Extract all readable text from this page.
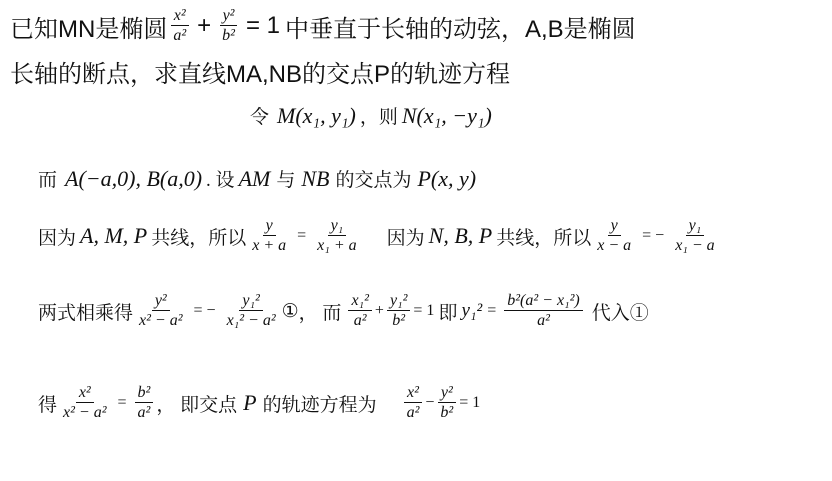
已知MN是椭圆 $\frac{\text{x²}}{\text{a²}} + \frac{\text{y²}}{\text{b²}} = 1$ 中垂直于长轴的动弦，A,B是椭圆
长轴的断点，求直线MA,NB的交点P的轨迹方程
令 M(x₁, y₁) ，则 N(x₁, −y₁)
而 A(−a,0), B(a,0) . 设 AM 与 NB 的交点为 P(x, y)
因为 A, M, P 共线，所以 $\frac{y}{x + a} = \frac{\text{y₁}}{\text{x₁ + a}}$ 因为 N, B, P 共线，所以 $\frac{y}{x - a}$ = − $\frac{\text{y₁}}{\text{x₁ − a}}$
两式相乘得 $\frac{\text{y²}}{\text{x² − a²}}$ = − $\frac{\text{y₁²}}{\text{x₁² − a²}}$ ① ， 而 $\frac{\text{x₁²}}{\text{a²}} + \frac{\text{y₁²}}{\text{b²}} = 1$ 即 $y_1^2 = \frac{\text{b²(a² − x₁²)}}{\text{a²}}$ 代入①
得 $\frac{\text{x²}}{\text{x² − a²}} = \frac{\text{b²}}{\text{a²}}$ ， 即交点 P 的轨迹方程为 $\frac{\text{x²}}{\text{a²}} - \frac{\text{y²}}{\text{b²}} = 1$
